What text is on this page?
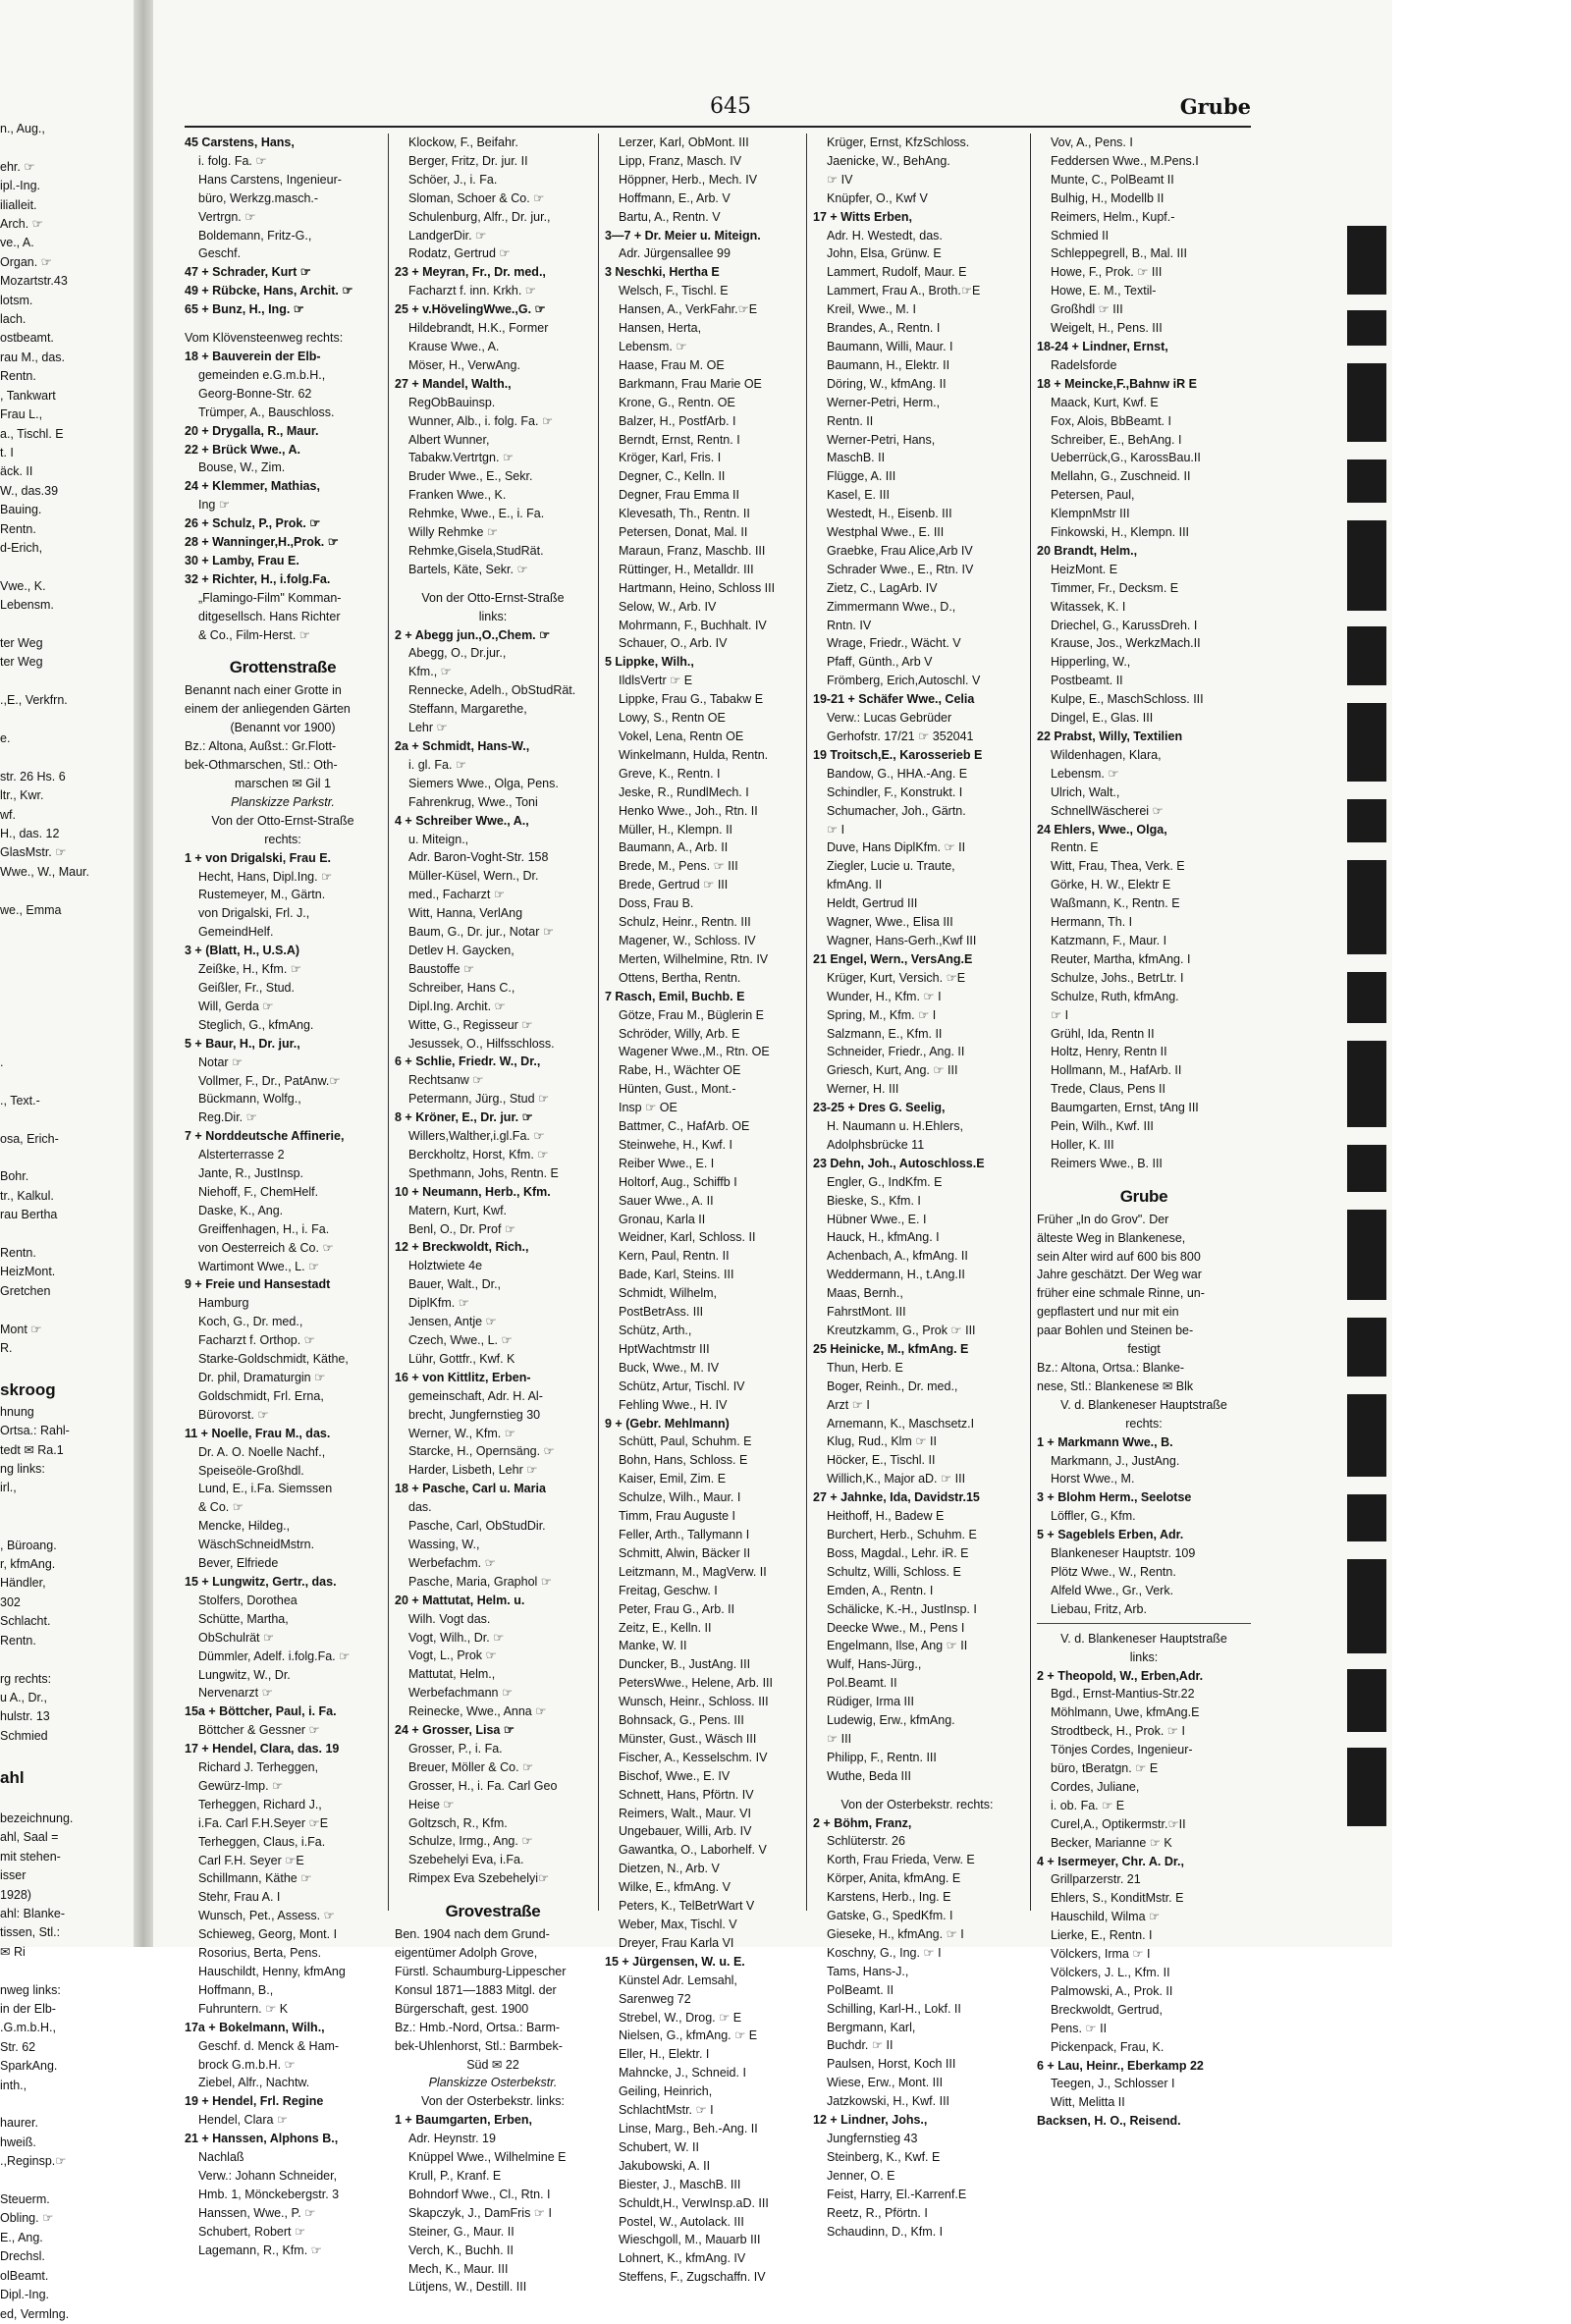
n., Aug.,

ehr. ☞
ipl.-Ing.
ilialleit.
Arch. ☞
ve., A.
Organ. ☞
Mozartstr.43
lotsm.
lach.
ostbeamt.
rau M., das.
Rentn.
, Tankwart
Frau L.,
a., Tischl. E
t. I
äck. II
W., das.39
Bauing.
Rentn.
d-Erich,

Vwe., K.
Lebensm.

ter Weg
ter Weg

.,E., Verkfrn.

e.

str. 26 Hs. 6
ltr., Kwr.
wf.
H., das. 12
GlasMstr. ☞
Wwe., W., Maur.

we., Emma

.

., Text.-

osa, Erich-

Bohr.
tr., Kalkul.
rau Bertha

Rentn.
HeizMont.
Gretchen

Mont ☞
R.

skroog
hnung
Ortsa.: Rahl-
tedt ✉ Ra.1
ng links:
irl.,

, Büroang.
r, kfmAng.
Händler,
302
Schlacht.
Rentn.

rg rechts:
u A., Dr.,
hulstr. 13
Schmied

ahl

bezeichnung.
ahl, Saal =
mit stehen-
isser
1928)
ahl: Blanke-
tissen, Stl.:
✉ Ri

nweg links:
in der Elb-
.G.m.b.H.,
Str. 62
SparkAng.
inth.,

haurer.
hweiß.
.,Reginsp.☞

Steuerm.
Obling. ☞
E., Ang.
Drechsl.
olBeamt.
Dipl.-Ing.
ed, Vermlng.
645	Grube
45 Carstens, Hans,
i. folg. Fa. ☞
Hans Carstens, Ingenieur-
büro, Werkzg.masch.-
Vertrgn. ☞
Boldemann, Fritz-G.,
Geschf.
47 + Schrader, Kurt ☞
49 + Rübcke, Hans, Archit. ☞
65 + Bunz, H., Ing. ☞
Vom Klövensteenweg rechts:
18 + Bauverein der Elb-
gemeinden e.G.m.b.H.,
Georg-Bonne-Str. 62
Trümper, A., Bauschloss.
20 + Drygalla, R., Maur.
22 + Brück Wwe., A.
Bouse, W., Zim.
24 + Klemmer, Mathias,
Ing ☞
26 + Schulz, P., Prok. ☞
28 + Wanninger,H.,Prok. ☞
30 + Lamby, Frau E.
32 + Richter, H., i.folg.Fa.
„Flamingo-Film" Komman-
ditgesellsch. Hans Richter
& Co., Film-Herst. ☞
Grottenstraße
Benannt nach einer Grotte in
einem der anliegenden Gärten
(Benannt vor 1900)
Bz.: Altona, Außst.: Gr.Flott-
bek-Othmarschen, Stl.: Oth-
marschen ✉ Gil 1
Planskizze Parkstr.
Von der Otto-Ernst-Straße
rechts:
1 + von Drigalski, Frau E.
Hecht, Hans, Dipl.Ing. ☞
Rustemeyer, M., Gärtn.
von Drigalski, Frl. J.,
GemeindHelf.
3 + (Blatt, H., U.S.A)
Zeißke, H., Kfm. ☞
Geißler, Fr., Stud.
Will, Gerda ☞
Steglich, G., kfmAng.
5 + Baur, H., Dr. jur.,
Notar ☞
Vollmer, F., Dr., PatAnw.☞
Bückmann, Wolfg.,
Reg.Dir. ☞
7 + Norddeutsche Affinerie,
Alsterterrasse 2
Jante, R., JustInsp.
Niehoff, F., ChemHelf.
Daske, K., Ang.
Greiffenhagen, H., i. Fa.
von Oesterreich & Co. ☞
Wartimont Wwe., L. ☞
9 + Freie und Hansestadt
Hamburg
Koch, G., Dr. med.,
Facharzt f. Orthop. ☞
Starke-Goldschmidt, Käthe,
Dr. phil, Dramaturgin ☞
Goldschmidt, Frl. Erna,
Bürovorst. ☞
11 + Noelle, Frau M., das.
Dr. A. O. Noelle Nachf.,
Speiseöle-Großhdl.
Lund, E., i.Fa. Siemssen
& Co. ☞
Mencke, Hildeg.,
WäschSchneidMstrn.
Bever, Elfriede
15 + Lungwitz, Gertr., das.
Stolfers, Dorothea
Schütte, Martha,
ObSchulrät ☞
Dümmler, Adelf. i.folg.Fa. ☞
Lungwitz, W., Dr.
Nervenarzt ☞
15a + Böttcher, Paul, i. Fa.
Böttcher & Gessner ☞
17 + Hendel, Clara, das. 19
Richard J. Terheggen,
Gewürz-Imp. ☞
Terheggen, Richard J.,
i.Fa. Carl F.H.Seyer ☞E
Terheggen, Claus, i.Fa.
Carl F.H. Seyer ☞E
Schillmann, Käthe ☞
Stehr, Frau A. I
Wunsch, Pet., Assess. ☞
Schieweg, Georg, Mont. I
Rosorius, Berta, Pens.
Hauschildt, Henny, kfmAng
Hoffmann, B.,
Fuhruntern. ☞ K
17a + Bokelmann, Wilh.,
Geschf. d. Menck & Ham-
brock G.m.b.H. ☞
Ziebel, Alfr., Nachtw.
19 + Hendel, Frl. Regine
Hendel, Clara ☞
21 + Hanssen, Alphons B.,
Nachlaß
Verw.: Johann Schneider,
Hmb. 1, Mönckebergstr. 3
Hanssen, Wwe., P. ☞
Schubert, Robert ☞
Lagemann, R., Kfm. ☞
Klockow, F., Beifahr.
Berger, Fritz, Dr. jur. II
Schöer, J., i. Fa.
Sloman, Schoer & Co. ☞
Schulenburg, Alfr., Dr. jur.,
LandgerDir. ☞
Rodatz, Gertrud ☞
23 + Meyran, Fr., Dr. med.,
Facharzt f. inn. Krkh. ☞
25 + v.HövelingWwe.,G. ☞
Hildebrandt, H.K., Former
Krause Wwe., A.
Möser, H., VerwAng.
27 + Mandel, Walth.,
RegObBauinsp.
Wunner, Alb., i. folg. Fa. ☞
Albert Wunner,
Tabakw.Vertrtgn. ☞
Bruder Wwe., E., Sekr.
Franken Wwe., K.
Rehmke, Wwe., E., i. Fa.
Willy Rehmke ☞
Rehmke,Gisela,StudRät.
Bartels, Käte, Sekr. ☞
Von der Otto-Ernst-Straße
links:
2 + Abegg jun.,O.,Chem. ☞
Abegg, O., Dr.jur.,
Kfm., ☞
Rennecke, Adelh., ObStudRät.
Steffann, Margarethe,
Lehr ☞
2a + Schmidt, Hans-W.,
i. gl. Fa. ☞
Siemers Wwe., Olga, Pens.
Fahrenkrug, Wwe., Toni
4 + Schreiber Wwe., A.,
u. Miteign.,
Adr. Baron-Voght-Str. 158
Müller-Küsel, Wern., Dr.
med., Facharzt ☞
Witt, Hanna, VerlAng
Baum, G., Dr. jur., Notar ☞
Detlev H. Gaycken,
Baustoffe ☞
Schreiber, Hans C.,
Dipl.Ing. Archit. ☞
Witte, G., Regisseur ☞
Jesussek, O., Hilfsschloss.
6 + Schlie, Friedr. W., Dr.,
Rechtsanw ☞
Petermann, Jürg., Stud ☞
8 + Kröner, E., Dr. jur. ☞
Willers,Walther,i.gl.Fa. ☞
Berckholtz, Horst, Kfm. ☞
Spethmann, Johs, Rentn. E
10 + Neumann, Herb., Kfm.
Matern, Kurt, Kwf.
Benl, O., Dr. Prof ☞
12 + Breckwoldt, Rich.,
Holztwiete 4e
Bauer, Walt., Dr.,
DiplKfm. ☞
Jensen, Antje ☞
Czech, Wwe., L. ☞
Lühr, Gottfr., Kwf. K
16 + von Kittlitz, Erben-
gemeinschaft, Adr. H. Al-
brecht, Jungfernstieg 30
Werner, W., Kfm. ☞
Starcke, H., Opernsäng. ☞
Harder, Lisbeth, Lehr ☞
18 + Pasche, Carl u. Maria
das.
Pasche, Carl, ObStudDir.
Wassing, W.,
Werbefachm. ☞
Pasche, Maria, Graphol ☞
20 + Mattutat, Helm. u.
Wilh. Vogt das.
Vogt, Wilh., Dr. ☞
Vogt, L., Prok ☞
Mattutat, Helm.,
Werbefachmann ☞
Reinecke, Wwe., Anna ☞
24 + Grosser, Lisa ☞
Grosser, P., i. Fa.
Breuer, Möller & Co. ☞
Grosser, H., i. Fa. Carl Geo
Heise ☞
Goltzsch, R., Kfm.
Schulze, Irmg., Ang. ☞
Szebehelyi Eva, i.Fa.
Rimpex Eva Szebehelyi☞
Grovestraße
Ben. 1904 nach dem Grund-
eigentümer Adolph Grove,
Fürstl. Schaumburg-Lippescher
Konsul 1871—1883 Mitgl. der
Bürgerschaft, gest. 1900
Bz.: Hmb.-Nord, Ortsa.: Barm-
bek-Uhlenhorst, Stl.: Barmbek-
Süd ✉ 22
Planskizze Osterbekstr.
Von der Osterbekstr. links:
1 + Baumgarten, Erben,
Adr. Heynstr. 19
Knüppel Wwe., Wilhelmine E
Krull, P., Kranf. E
Bohndorf Wwe., Cl., Rtn. I
Skapczyk, J., DamFris ☞ I
Steiner, G., Maur. II
Verch, K., Buchh. II
Mech, K., Maur. III
Lütjens, W., Destill. III
Lerzer, Karl, ObMont. III
Lipp, Franz, Masch. IV
Höppner, Herb., Mech. IV
Hoffmann, E., Arb. V
Bartu, A., Rentn. V
3—7 + Dr. Meier u. Miteign.
Adr. Jürgensallee 99
3 Neschki, Hertha E
Welsch, F., Tischl. E
Hansen, A., VerkFahr.☞E
Hansen, Herta,
Lebensm. ☞
Haase, Frau M. OE
Barkmann, Frau Marie OE
Krone, G., Rentn. OE
Balzer, H., PostfArb. I
Berndt, Ernst, Rentn. I
Kröger, Karl, Fris. I
Degner, C., Kelln. II
Degner, Frau Emma II
Klevesath, Th., Rentn. II
Petersen, Donat, Mal. II
Maraun, Franz, Maschb. III
Rüttinger, H., Metalldr. III
Hartmann, Heino, Schloss III
Selow, W., Arb. IV
Mohrmann, F., Buchhalt. IV
Schauer, O., Arb. IV
5 Lippke, Wilh.,
IldlsVertr ☞ E
Lippke, Frau G., Tabakw E
Lowy, S., Rentn OE
Vokel, Lena, Rentn OE
Winkelmann, Hulda, Rentn.
Greve, K., Rentn. I
Jeske, R., RundlMech. I
Henko Wwe., Joh., Rtn. II
Müller, H., Klempn. II
Baumann, A., Arb. II
Brede, M., Pens. ☞ III
Brede, Gertrud ☞ III
Doss, Frau B.
Schulz, Heinr., Rentn. III
Magener, W., Schloss. IV
Merten, Wilhelmine, Rtn. IV
Ottens, Bertha, Rentn.
7 Rasch, Emil, Buchb. E
Götze, Frau M., Büglerin E
Schröder, Willy, Arb. E
Wagener Wwe.,M., Rtn. OE
Rabe, H., Wächter OE
Hünten, Gust., Mont.-
Insp ☞ OE
Battmer, C., HafArb. OE
Steinwehe, H., Kwf. I
Reiber Wwe., E. I
Holtorf, Aug., Schiffb I
Sauer Wwe., A. II
Gronau, Karla II
Weidner, Karl, Schloss. II
Kern, Paul, Rentn. II
Bade, Karl, Steins. III
Schmidt, Wilhelm,
PostBetrAss. III
Schütz, Arth.,
HptWachtmstr III
Buck, Wwe., M. IV
Schütz, Artur, Tischl. IV
Fehling Wwe., H. IV
9 + (Gebr. Mehlmann)
Schütt, Paul, Schuhm. E
Bohn, Hans, Schloss. E
Kaiser, Emil, Zim. E
Schulze, Wilh., Maur. I
Timm, Frau Auguste I
Feller, Arth., Tallymann I
Schmitt, Alwin, Bäcker II
Leitzmann, M., MagVerw. II
Freitag, Geschw. I
Peter, Frau G., Arb. II
Zeitz, E., Kelln. II
Manke, W. II
Duncker, B., JustAng. III
PetersWwe., Helene, Arb. III
Wunsch, Heinr., Schloss. III
Bohnsack, G., Pens. III
Münster, Gust., Wäsch III
Fischer, A., Kesselschm. IV
Bischof, Wwe., E. IV
Schnett, Hans, Pförtn. IV
Reimers, Walt., Maur. VI
Ungebauer, Willi, Arb. IV
Gawantka, O., Laborhelf. V
Dietzen, N., Arb. V
Wilke, E., kfmAng. V
Peters, K., TelBetrWart V
Weber, Max, Tischl. V
Dreyer, Frau Karla VI
15 + Jürgensen, W. u. E.
Künstel Adr. Lemsahl,
Sarenweg 72
Strebel, W., Drog. ☞ E
Nielsen, G., kfmAng. ☞ E
Eller, H., Elektr. I
Mahncke, J., Schneid. I
Geiling, Heinrich,
SchlachtMstr. ☞ I
Linse, Marg., Beh.-Ang. II
Schubert, W. II
Jakubowski, A. II
Biester, J., MaschB. III
Schuldt,H., VerwInsp.aD. III
Postel, W., Autolack. III
Wieschgoll, M., Mauarb III
Lohnert, K., kfmAng. IV
Steffens, F., Zugschaffn. IV
Krüger, Ernst, KfzSchloss.
Jaenicke, W., BehAng.
☞ IV
Knüpfer, O., Kwf V
17 + Witts Erben,
Adr. H. Westedt, das.
John, Elsa, Grünw. E
Lammert, Rudolf, Maur. E
Lammert, Frau A., Broth.☞E
Kreil, Wwe., M. I
Brandes, A., Rentn. I
Baumann, Willi, Maur. I
Baumann, H., Elektr. II
Döring, W., kfmAng. II
Werner-Petri, Herm.,
Rentn. II
Werner-Petri, Hans,
MaschB. II
Flügge, A. III
Kasel, E. III
Westedt, H., Eisenb. III
Westphal Wwe., E. III
Graebke, Frau Alice,Arb IV
Schrader Wwe., E., Rtn. IV
Zietz, C., LagArb. IV
Zimmermann Wwe., D.,
Rntn. IV
Wrage, Friedr., Wächt. V
Pfaff, Günth., Arb V
Frömberg, Erich,Autoschl. V
19-21 + Schäfer Wwe., Celia
Verw.: Lucas Gebrüder
Gerhofstr. 17/21 ☞ 352041
19 Troitsch,E., Karosserieb E
Bandow, G., HHA.-Ang. E
Schindler, F., Konstrukt. I
Schumacher, Joh., Gärtn.
☞ I
Duve, Hans DiplKfm. ☞ II
Ziegler, Lucie u. Traute,
kfmAng. II
Heldt, Gertrud III
Wagner, Wwe., Elisa III
Wagner, Hans-Gerh.,Kwf III
21 Engel, Wern., VersAng.E
Krüger, Kurt, Versich. ☞E
Wunder, H., Kfm. ☞ I
Spring, M., Kfm. ☞ I
Salzmann, E., Kfm. II
Schneider, Friedr., Ang. II
Griesch, Kurt, Ang. ☞ III
Werner, H. III
23-25 + Dres G. Seelig,
H. Naumann u. H.Ehlers,
Adolphsbrücke 11
23 Dehn, Joh., Autoschloss.E
Engler, G., IndKfm. E
Bieske, S., Kfm. I
Hübner Wwe., E. I
Hauck, H., kfmAng. I
Achenbach, A., kfmAng. II
Weddermann, H., t.Ang.II
Maas, Bernh.,
FahrstMont. III
Kreutzkamm, G., Prok ☞ III
25 Heinicke, M., kfmAng. E
Thun, Herb. E
Boger, Reinh., Dr. med.,
Arzt ☞ I
Arnemann, K., Maschsetz.I
Klug, Rud., Klm ☞ II
Höcker, E., Tischl. II
Willich,K., Major aD. ☞ III
27 + Jahnke, Ida, Davidstr.15
Heithoff, H., Badew E
Burchert, Herb., Schuhm. E
Boss, Magdal., Lehr. iR. E
Schultz, Willi, Schloss. E
Emden, A., Rentn. I
Schälicke, K.-H., JustInsp. I
Deecke Wwe., M., Pens I
Engelmann, Ilse, Ang ☞ II
Wulf, Hans-Jürg.,
Pol.Beamt. II
Rüdiger, Irma III
Ludewig, Erw., kfmAng.
☞ III
Philipp, F., Rentn. III
Wuthe, Beda III
Von der Osterbekstr. rechts:
2 + Böhm, Franz,
Schlüterstr. 26
Korth, Frau Frieda, Verw. E
Körper, Anita, kfmAng. E
Karstens, Herb., Ing. E
Gatske, G., SpedKfm. I
Gieseke, H., kfmAng. ☞ I
Koschny, G., Ing. ☞ I
Tams, Hans-J.,
PolBeamt. II
Schilling, Karl-H., Lokf. II
Bergmann, Karl,
Buchdr. ☞ II
Paulsen, Horst, Koch III
Wiese, Erw., Mont. III
Jatzkowski, H., Kwf. III
12 + Lindner, Johs.,
Jungfernstieg 43
Steinberg, K., Kwf. E
Jenner, O. E
Feist, Harry, El.-Karrenf.E
Reetz, R., Pförtn. I
Schaudinn, D., Kfm. I
Vov, A., Pens. I
Feddersen Wwe., M.Pens.I
Munte, C., PolBeamt II
Bulhig, H., Modellb II
Reimers, Helm., Kupf.-
Schmied II
Schleppegrell, B., Mal. III
Howe, F., Prok. ☞ III
Howe, E. M., Textil-
Großhdl ☞ III
Weigelt, H., Pens. III
18-24 + Lindner, Ernst,
Radelsforde
18 + Meincke,F.,Bahnw iR E
Maack, Kurt, Kwf. E
Fox, Alois, BbBeamt. I
Schreiber, E., BehAng. I
Ueberrück,G., KarossBau.II
Mellahn, G., Zuschneid. II
Petersen, Paul,
KlempnMstr III
Finkowski, H., Klempn. III
20 Brandt, Helm.,
HeizMont. E
Timmer, Fr., Decksm. E
Witassek, K. I
Driechel, G., KarussDreh. I
Krause, Jos., WerkzMach.II
Hipperling, W.,
Postbeamt. II
Kulpe, E., MaschSchloss. III
Dingel, E., Glas. III
22 Prabst, Willy, Textilien
Wildenhagen, Klara,
Lebensm. ☞
Ulrich, Walt.,
SchnellWäscherei ☞
24 Ehlers, Wwe., Olga,
Rentn. E
Witt, Frau, Thea, Verk. E
Görke, H. W., Elektr E
Waßmann, K., Rentn. E
Hermann, Th. I
Katzmann, F., Maur. I
Reuter, Martha, kfmAng. I
Schulze, Johs., BetrLtr. I
Schulze, Ruth, kfmAng.
☞ I
Grühl, Ida, Rentn II
Holtz, Henry, Rentn II
Hollmann, M., HafArb. II
Trede, Claus, Pens II
Baumgarten, Ernst, tAng III
Pein, Wilh., Kwf. III
Holler, K. III
Reimers Wwe., B. III
Grube
Früher „In do Grov". Der
älteste Weg in Blankenese,
sein Alter wird auf 600 bis 800
Jahre geschätzt. Der Weg war
früher eine schmale Rinne, un-
gepflastert und nur mit ein
paar Bohlen und Steinen be-
festigt
Bz.: Altona, Ortsa.: Blanke-
nese, Stl.: Blankenese ✉ Blk
V. d. Blankeneser Hauptstraße
rechts:
1 + Markmann Wwe., B.
Markmann, J., JustAng.
Horst Wwe., M.
3 + Blohm Herm., Seelotse
Löffler, G., Kfm.
5 + Sageblels Erben, Adr.
Blankeneser Hauptstr. 109
Plötz Wwe., W., Rentn.
Alfeld Wwe., Gr., Verk.
Liebau, Fritz, Arb.
V. d. Blankeneser Hauptstraße
links:
2 + Theopold, W., Erben,Adr.
Bgd., Ernst-Mantius-Str.22
Möhlmann, Uwe, kfmAng.E
Strodtbeck, H., Prok. ☞ I
Tönjes Cordes, Ingenieur-
büro, tBeratgn. ☞ E
Cordes, Juliane,
i. ob. Fa. ☞ E
Curel,A., Optikermstr.☞II
Becker, Marianne ☞ K
4 + Isermeyer, Chr. A. Dr.,
Grillparzerstr. 21
Ehlers, S., KonditMstr. E
Hauschild, Wilma ☞
Lierke, E., Rentn. I
Völckers, Irma ☞ I
Völckers, J. L., Kfm. II
Palmowski, A., Prok. II
Breckwoldt, Gertrud,
Pens. ☞ II
Pickenpack, Frau, K.
6 + Lau, Heinr., Eberkamp 22
Teegen, J., Schlosser I
Witt, Melitta II
Backsen, H. O., Reisend.
